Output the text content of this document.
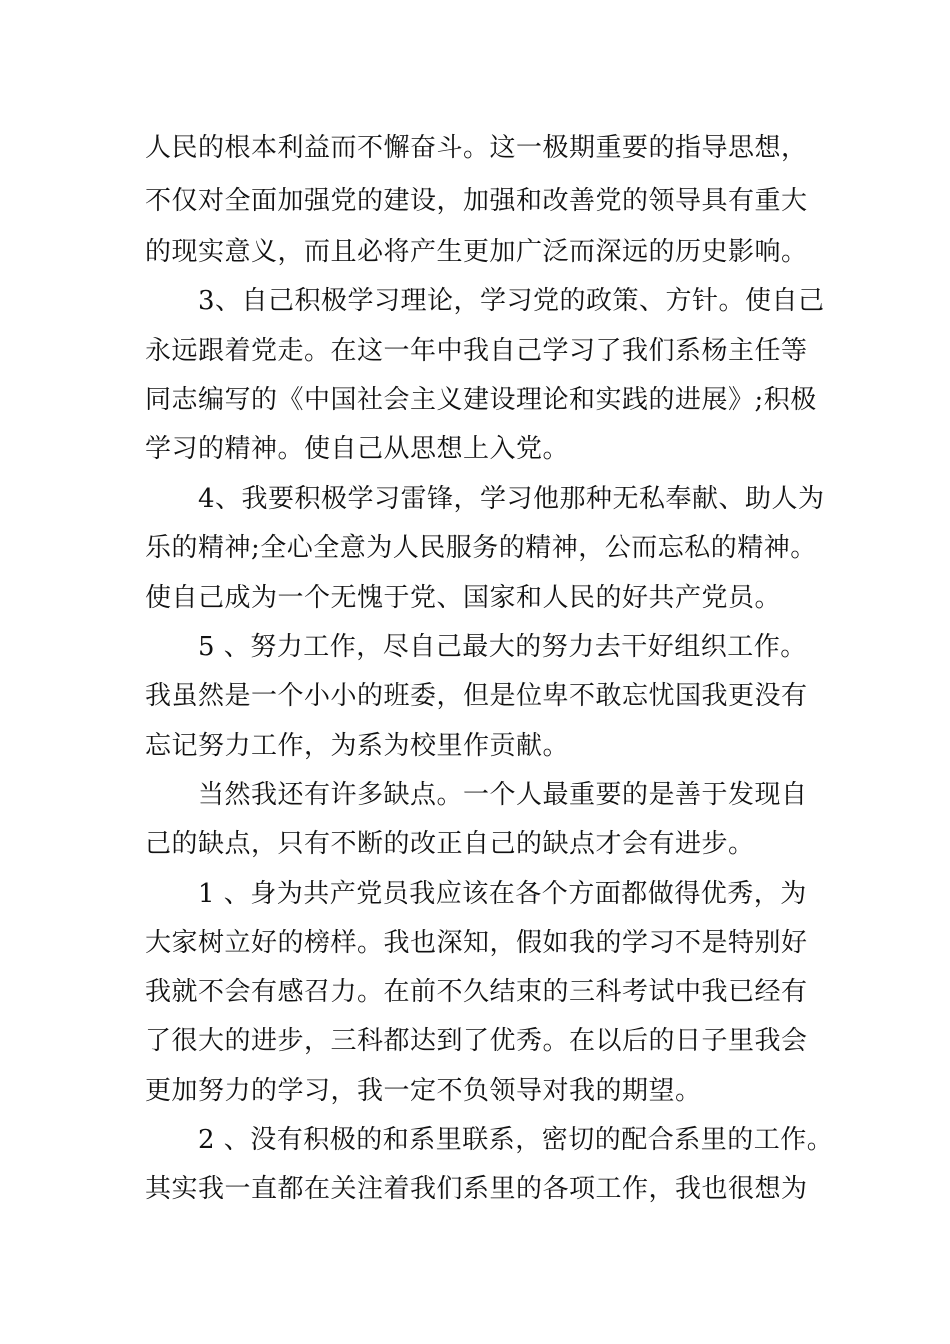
人民的根本利益而不懈奋斗。这一极期重要的指导思想，
不仅对全面加强党的建设，加强和改善党的领导具有重大
的现实意义，而且必将产生更加广泛而深远的历史影响。
3、自己积极学习理论，学习党的政策、方针。使自己
永远跟着党走。在这一年中我自己学习了我们系杨主任等
同志编写的《中国社会主义建设理论和实践的进展》;积极
学习的精神。使自己从思想上入党。
4、我要积极学习雷锋，学习他那种无私奉献、助人为
乐的精神;全心全意为人民服务的精神，公而忘私的精神。
使自己成为一个无愧于党、国家和人民的好共产党员。
5 、努力工作，尽自己最大的努力去干好组织工作。
我虽然是一个小小的班委，但是位卑不敢忘忧国我更没有
忘记努力工作，为系为校里作贡献。
当然我还有许多缺点。一个人最重要的是善于发现自
己的缺点，只有不断的改正自己的缺点才会有进步。
1 、身为共产党员我应该在各个方面都做得优秀，为
大家树立好的榜样。我也深知，假如我的学习不是特别好
我就不会有感召力。在前不久结束的三科考试中我已经有
了很大的进步，三科都达到了优秀。在以后的日子里我会
更加努力的学习，我一定不负领导对我的期望。
2 、没有积极的和系里联系，密切的配合系里的工作。
其实我一直都在关注着我们系里的各项工作，我也很想为
